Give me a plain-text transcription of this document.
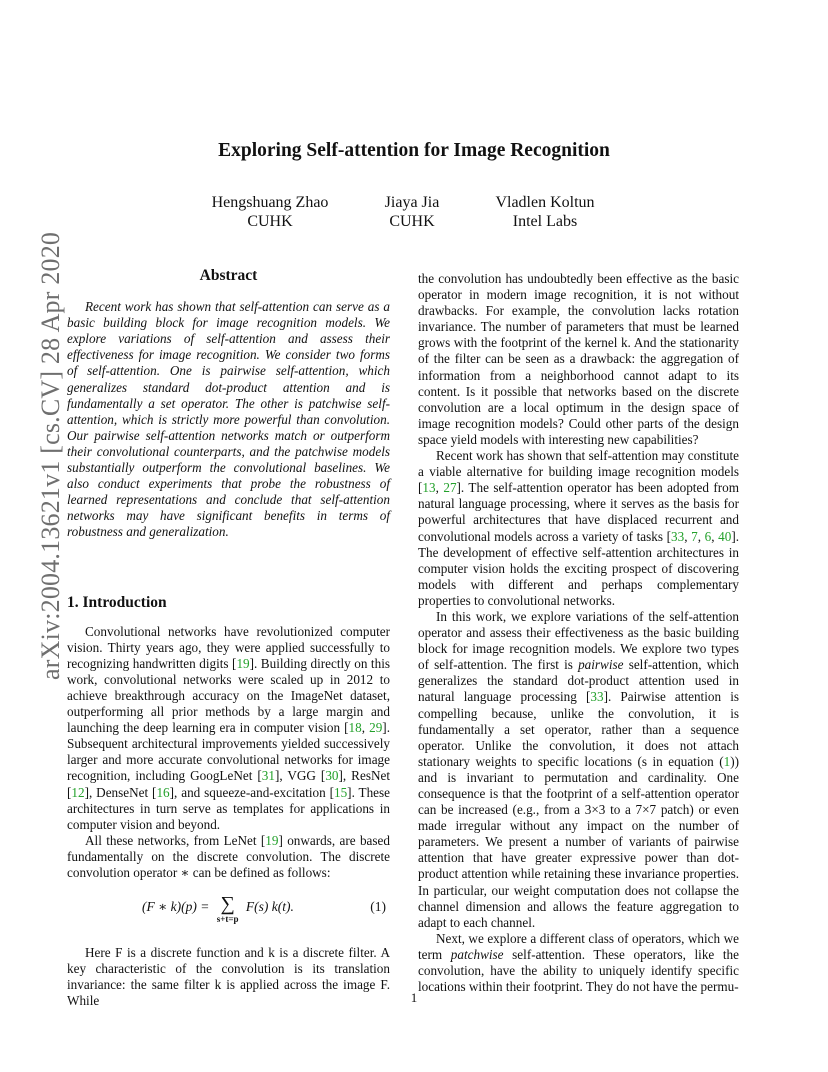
arXiv:2004.13621v1 [cs.CV] 28 Apr 2020
Exploring Self-attention for Image Recognition
Hengshuang Zhao
CUHK
Jiaya Jia
CUHK
Vladlen Koltun
Intel Labs
Abstract

Recent work has shown that self-attention can serve as a basic building block for image recognition models. We explore variations of self-attention and assess their effectiveness for image recognition. We consider two forms of self-attention. One is pairwise self-attention, which generalizes standard dot-product attention and is fundamentally a set operator. The other is patchwise self-attention, which is strictly more powerful than convolution. Our pairwise self-attention networks match or outperform their convolutional counterparts, and the patchwise models substantially outperform the convolutional baselines. We also conduct experiments that probe the robustness of learned representations and conclude that self-attention networks may have significant benefits in terms of robustness and generalization.

1. Introduction

Convolutional networks have revolutionized computer vision. Thirty years ago, they were applied successfully to recognizing handwritten digits [19]. Building directly on this work, convolutional networks were scaled up in 2012 to achieve breakthrough accuracy on the ImageNet dataset, outperforming all prior methods by a large margin and launching the deep learning era in computer vision [18, 29]. Subsequent architectural improvements yielded successively larger and more accurate convolutional networks for image recognition, including GoogLeNet [31], VGG [30], ResNet [12], DenseNet [16], and squeeze-and-excitation [15]. These architectures in turn serve as templates for applications in computer vision and beyond.

All these networks, from LeNet [19] onwards, are based fundamentally on the discrete convolution. The discrete convolution operator ∗ can be defined as follows:

(F ∗ k)(p) = ∑
s+t=p
F(s) k(t).	(1)

Here F is a discrete function and k is a discrete filter. A key characteristic of the convolution is its translation invariance: the same filter k is applied across the image F. While

the convolution has undoubtedly been effective as the basic operator in modern image recognition, it is not without drawbacks. For example, the convolution lacks rotation invariance. The number of parameters that must be learned grows with the footprint of the kernel k. And the stationarity of the filter can be seen as a drawback: the aggregation of information from a neighborhood cannot adapt to its content. Is it possible that networks based on the discrete convolution are a local optimum in the design space of image recognition models? Could other parts of the design space yield models with interesting new capabilities?

Recent work has shown that self-attention may constitute a viable alternative for building image recognition models [13, 27]. The self-attention operator has been adopted from natural language processing, where it serves as the basis for powerful architectures that have displaced recurrent and convolutional models across a variety of tasks [33, 7, 6, 40]. The development of effective self-attention architectures in computer vision holds the exciting prospect of discovering models with different and perhaps complementary properties to convolutional networks.

In this work, we explore variations of the self-attention operator and assess their effectiveness as the basic building block for image recognition models. We explore two types of self-attention. The first is pairwise self-attention, which generalizes the standard dot-product attention used in natural language processing [33]. Pairwise attention is compelling because, unlike the convolution, it is fundamentally a set operator, rather than a sequence operator. Unlike the convolution, it does not attach stationary weights to specific locations (s in equation (1)) and is invariant to permutation and cardinality. One consequence is that the footprint of a self-attention operator can be increased (e.g., from a 3×3 to a 7×7 patch) or even made irregular without any impact on the number of parameters. We present a number of variants of pairwise attention that have greater expressive power than dot-product attention while retaining these invariance properties. In particular, our weight computation does not collapse the channel dimension and allows the feature aggregation to adapt to each channel.

Next, we explore a different class of operators, which we term patchwise self-attention. These operators, like the convolution, have the ability to uniquely identify specific locations within their footprint. They do not have the permu-

1
